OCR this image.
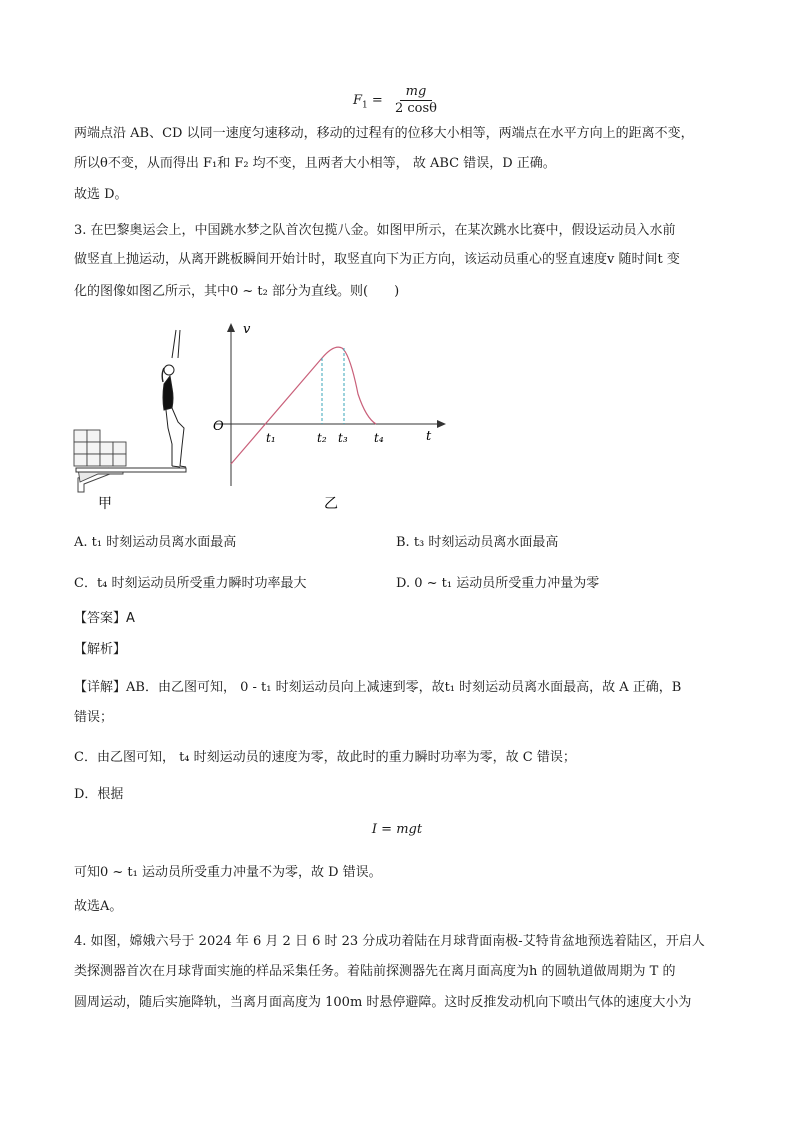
$F_1 = \frac{mg}{2 \cos\theta}$
两端点沿 AB、CD 以同一速度匀速移动，移动的过程有的位移大小相等，两端点在水平方向上的距离不变，
所以θ不变，从而得出 F₁和 F₂ 均不变，且两者大小相等， 故 ABC 错误，D 正确。
故选 D。
3. 在巴黎奥运会上，中国跳水梦之队首次包揽八金。如图甲所示，在某次跳水比赛中，假设运动员入水前
做竖直上抛运动，从离开跳板瞬间开始计时，取竖直向下为正方向，该运动员重心的竖直速度v 随时间t 变
化的图像如图乙所示，其中0 ~ t₂ 部分为直线。则(　　)
甲
v
t
O
t₁	t₂ t₃ t₄
乙
A. t₁ 时刻运动员离水面最高	B. t₃ 时刻运动员离水面最高
C．t₄ 时刻运动员所受重力瞬时功率最大	D. 0 ~ t₁ 运动员所受重力冲量为零
【答案】A
【解析】
【详解】AB．由乙图可知， 0 - t₁ 时刻运动员向上减速到零，故t₁ 时刻运动员离水面最高，故 A 正确，B
错误；
C．由乙图可知， t₄ 时刻运动员的速度为零，故此时的重力瞬时功率为零，故 C 错误；
D．根据
I = mgt
可知0 ~ t₁ 运动员所受重力冲量不为零，故 D 错误。
故选A。
4. 如图，嫦娥六号于 2024 年 6 月 2 日 6 时 23 分成功着陆在月球背面南极-艾特肯盆地预选着陆区，开启人
类探测器首次在月球背面实施的样品采集任务。着陆前探测器先在离月面高度为h 的圆轨道做周期为 T 的
圆周运动，随后实施降轨，当离月面高度为 100m 时悬停避障。这时反推发动机向下喷出气体的速度大小为
